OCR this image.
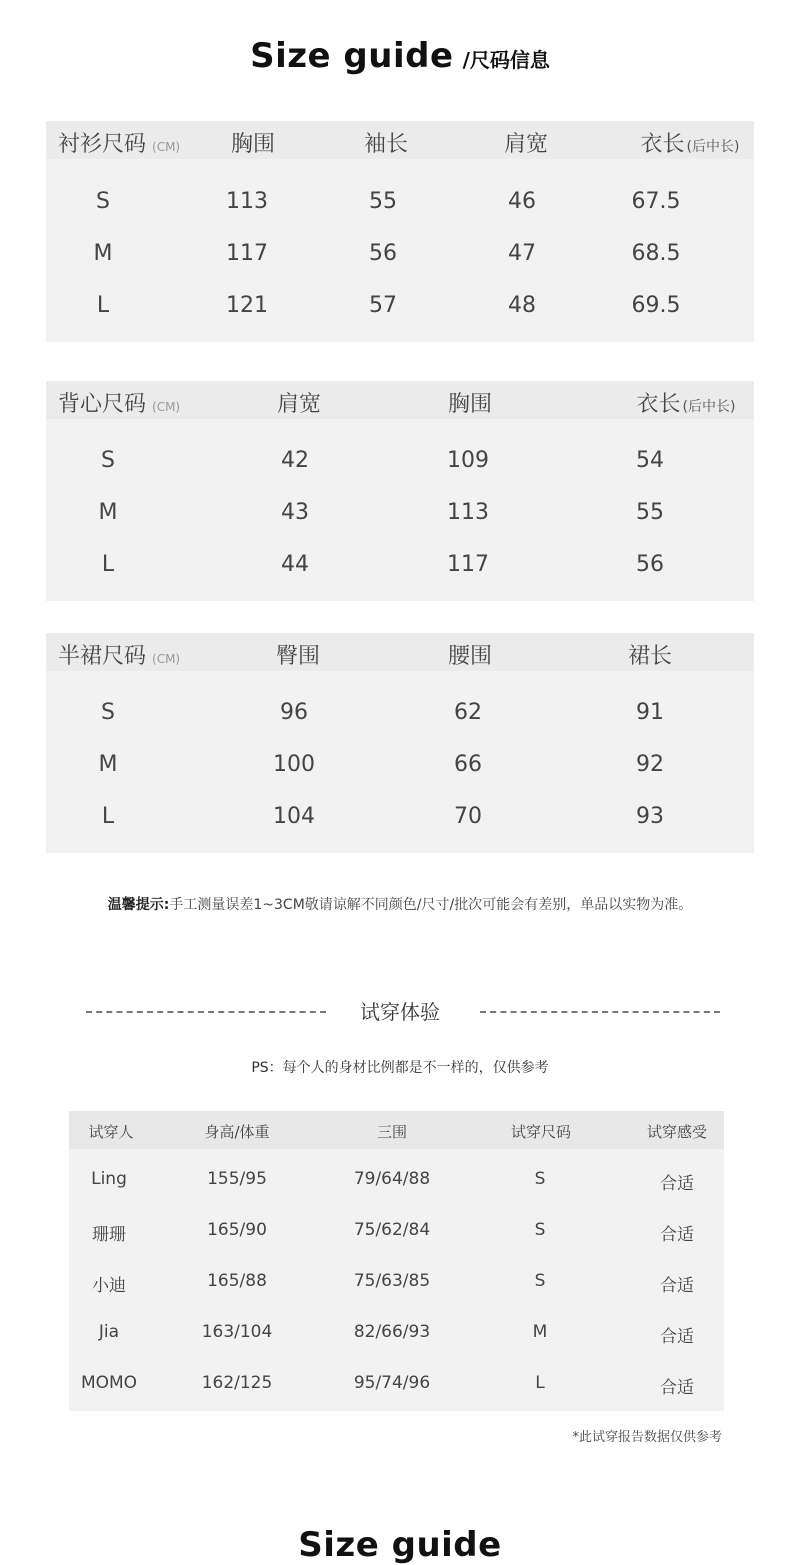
Size guide /尺码信息
衬衫尺码 (CM) 胸围	袖长	肩宽	衣长 (后中长)
S	113	55	46	67.5
M	117	56	47	68.5
L	121	57	48	69.5
背心尺码 (CM)	肩宽	胸围	衣长 (后中长)
S	42	109	54
M	43	113	55
L	44	117	56
半裙尺码 (CM)	臀围	腰围	裙长
S	96	62	91
M	100	66	92
L	104	70	93
温馨提示:手工测量误差1~3CM敬请谅解不同颜色/尺寸/批次可能会有差别，单品以实物为准。
试穿体验
PS：每个人的身材比例都是不一样的，仅供参考
试穿人	身高/体重	三围	试穿尺码	试穿感受
Ling	155/95	79/64/88	S	合适
珊珊	165/90	75/62/84	S	合适
小迪	165/88	75/63/85	S	合适
Jia	163/104	82/66/93	M	合适
MOMO	162/125	95/74/96	L	合适
*此试穿报告数据仅供参考
Size guide
